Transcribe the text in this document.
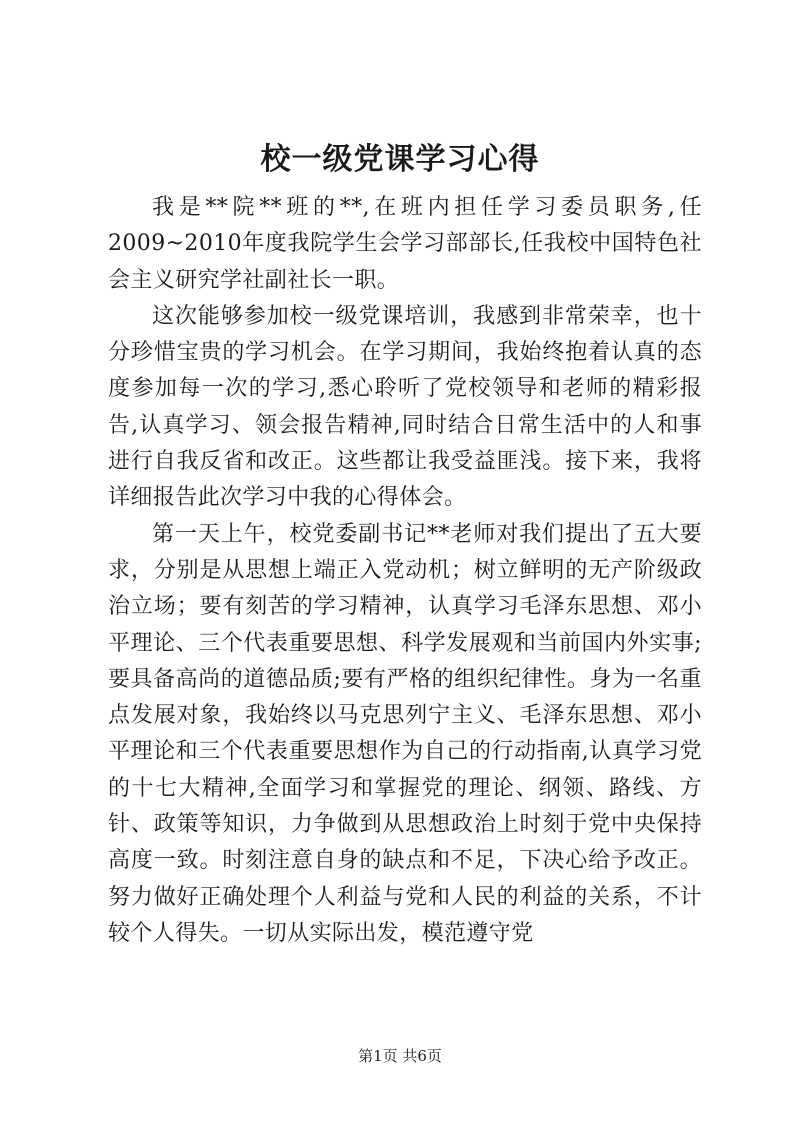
校一级党课学习心得

我是**院**班的**,在班内担任学习委员职务,任2009~2010年度我院学生会学习部部长,任我校中国特色社会主义研究学社副社长一职。

这次能够参加校一级党课培训，我感到非常荣幸，也十分珍惜宝贵的学习机会。在学习期间，我始终抱着认真的态度参加每一次的学习,悉心聆听了党校领导和老师的精彩报告,认真学习、领会报告精神,同时结合日常生活中的人和事进行自我反省和改正。这些都让我受益匪浅。接下来，我将详细报告此次学习中我的心得体会。

第一天上午，校党委副书记**老师对我们提出了五大要求，分别是从思想上端正入党动机；树立鲜明的无产阶级政治立场；要有刻苦的学习精神，认真学习毛泽东思想、邓小平理论、三个代表重要思想、科学发展观和当前国内外实事;要具备高尚的道德品质;要有严格的组织纪律性。身为一名重点发展对象，我始终以马克思列宁主义、毛泽东思想、邓小平理论和三个代表重要思想作为自己的行动指南,认真学习党的十七大精神,全面学习和掌握党的理论、纲领、路线、方针、政策等知识，力争做到从思想政治上时刻于党中央保持高度一致。时刻注意自身的缺点和不足，下决心给予改正。努力做好正确处理个人利益与党和人民的利益的关系，不计较个人得失。一切从实际出发，模范遵守党

第1页 共6页
